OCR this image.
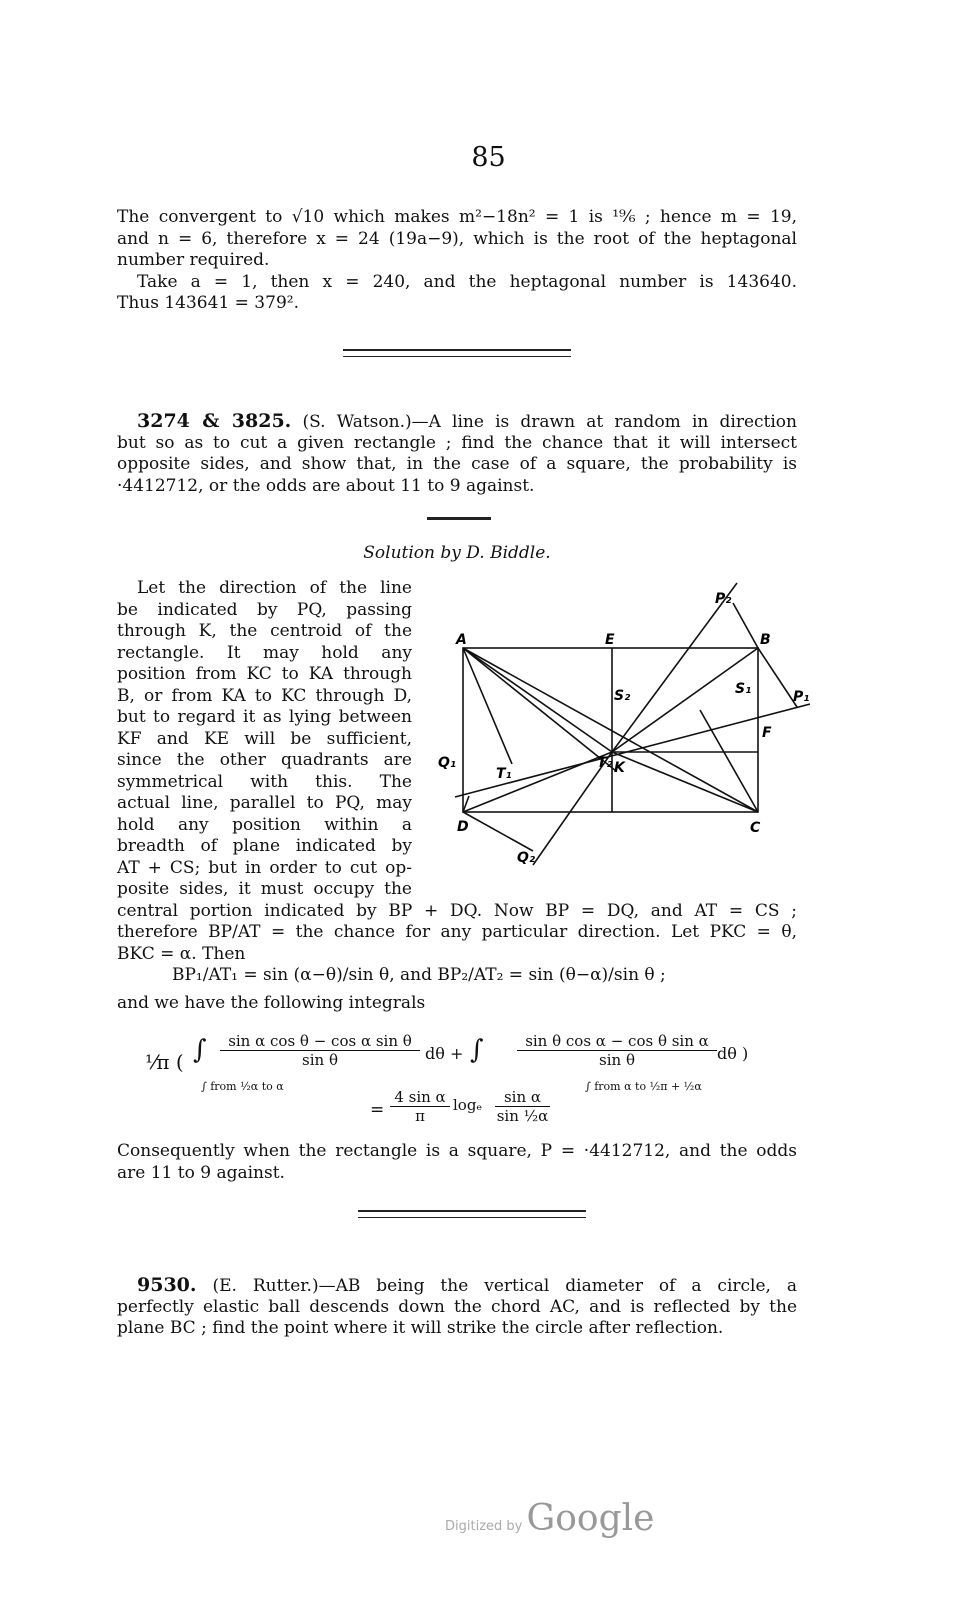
85
The convergent to √10 which makes m²−18n² = 1 is ¹⁹⁄₆ ; hence m = 19,
and n = 6, therefore x = 24 (19a−9), which is the root of the heptagonal
number required.
Take a = 1, then x = 240, and the heptagonal number is 143640.
Thus 143641 = 379².
3274 & 3825. (S. Watson.)—A line is drawn at random in direction
but so as to cut a given rectangle ; find the chance that it will intersect
opposite sides, and show that, in the case of a square, the probability is
·4412712, or the odds are about 11 to 9 against.
Solution by D. Biddle.
Let the direction of the line
be indicated by PQ, passing
through K, the centroid of the
rectangle. It may hold any
position from KC to KA through
B, or from KA to KC through D,
but to regard it as lying between
KF and KE will be sufficient,
since the other quadrants are
symmetrical with this. The
actual line, parallel to PQ, may
hold any position within a
breadth of plane indicated by
AT + CS; but in order to cut op-
posite sides, it must occupy the
central portion indicated by BP + DQ. Now BP = DQ, and AT = CS ;
therefore BP/AT = the chance for any particular direction. Let PKC = θ,
BKC = α. Then
BP₁/AT₁ = sin (α−θ)/sin θ, and BP₂/AT₂ = sin (θ−α)/sin θ ;
and we have the following integrals
A	E	B
P₂
S₂	S₁	P₁
F
K
Q₁
T₁
T₂
D	C
Q₂
⅟π ( ∫
∫ from ½α to α
$\frac{\text{sin α cos θ − cos α sin θ}}{\text{sin θ}}$ dθ + ∫
∫ from α to ½π + ½α
$\frac{\text{sin θ cos α − cos θ sin α}}{\text{sin θ}}$ dθ )
= $\frac{\text{4 sin α}}{\pi}$ logₑ $\frac{\text{sin α}}{\text{sin ½α}}$
Consequently when the rectangle is a square, P = ·4412712, and the odds
are 11 to 9 against.
9530. (E. Rutter.)—AB being the vertical diameter of a circle, a
perfectly elastic ball descends down the chord AC, and is reflected by the
plane BC ; find the point where it will strike the circle after reflection.
Digitized by Google
